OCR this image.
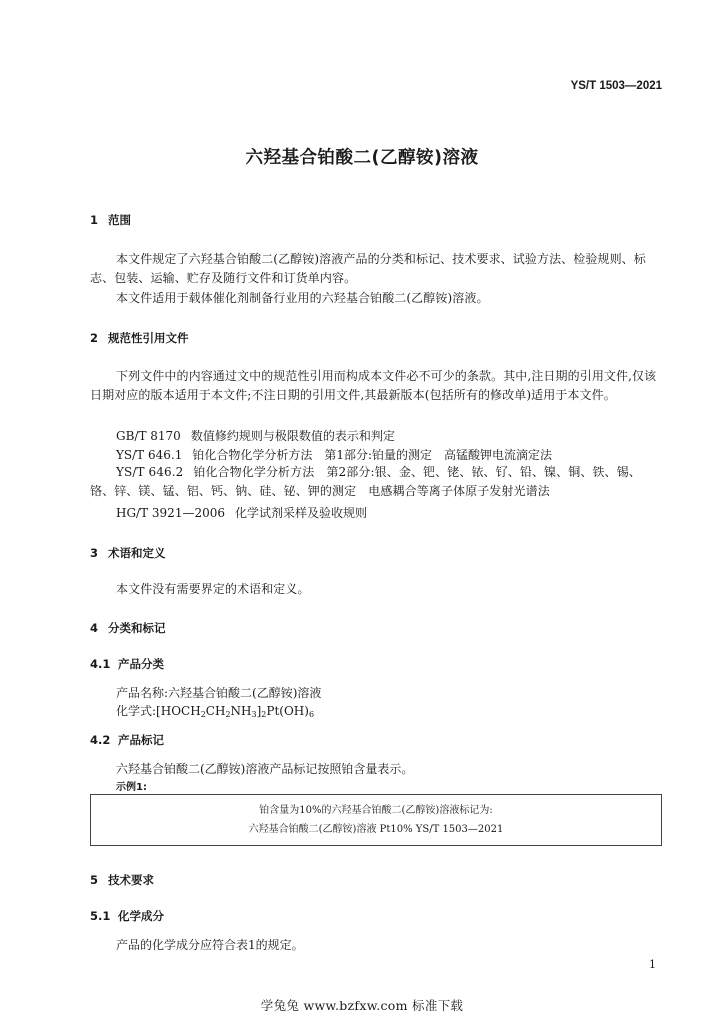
YS/T 1503—2021
六羟基合铂酸二(乙醇铵)溶液
1 范围
本文件规定了六羟基合铂酸二(乙醇铵)溶液产品的分类和标记、技术要求、试验方法、检验规则、标志、包装、运输、贮存及随行文件和订货单内容。
本文件适用于载体催化剂制备行业用的六羟基合铂酸二(乙醇铵)溶液。
2 规范性引用文件
下列文件中的内容通过文中的规范性引用而构成本文件必不可少的条款。其中,注日期的引用文件,仅该日期对应的版本适用于本文件;不注日期的引用文件,其最新版本(包括所有的修改单)适用于本文件。
GB/T 8170 数值修约规则与极限数值的表示和判定
YS/T 646.1 铂化合物化学分析方法　第1部分:铂量的测定　高锰酸钾电流滴定法
YS/T 646.2 铂化合物化学分析方法　第2部分:银、金、钯、铑、铱、钌、铅、镍、铜、铁、锡、铬、锌、镁、锰、铝、钙、钠、硅、铋、钾的测定　电感耦合等离子体原子发射光谱法
HG/T 3921—2006 化学试剂采样及验收规则
3 术语和定义
本文件没有需要界定的术语和定义。
4 分类和标记
4.1 产品分类
产品名称:六羟基合铂酸二(乙醇铵)溶液
化学式$:[HOCH_2CH_2NH_3]_2Pt(OH)_6$
4.2 产品标记
六羟基合铂酸二(乙醇铵)溶液产品标记按照铂含量表示。
示例1:
铂含量为10%的六羟基合铂酸二(乙醇铵)溶液标记为:
六羟基合铂酸二(乙醇铵)溶液 Pt10% YS/T 1503—2021
5 技术要求
5.1 化学成分
产品的化学成分应符合表1的规定。
1
学兔兔 www.bzfxw.com 标准下载
